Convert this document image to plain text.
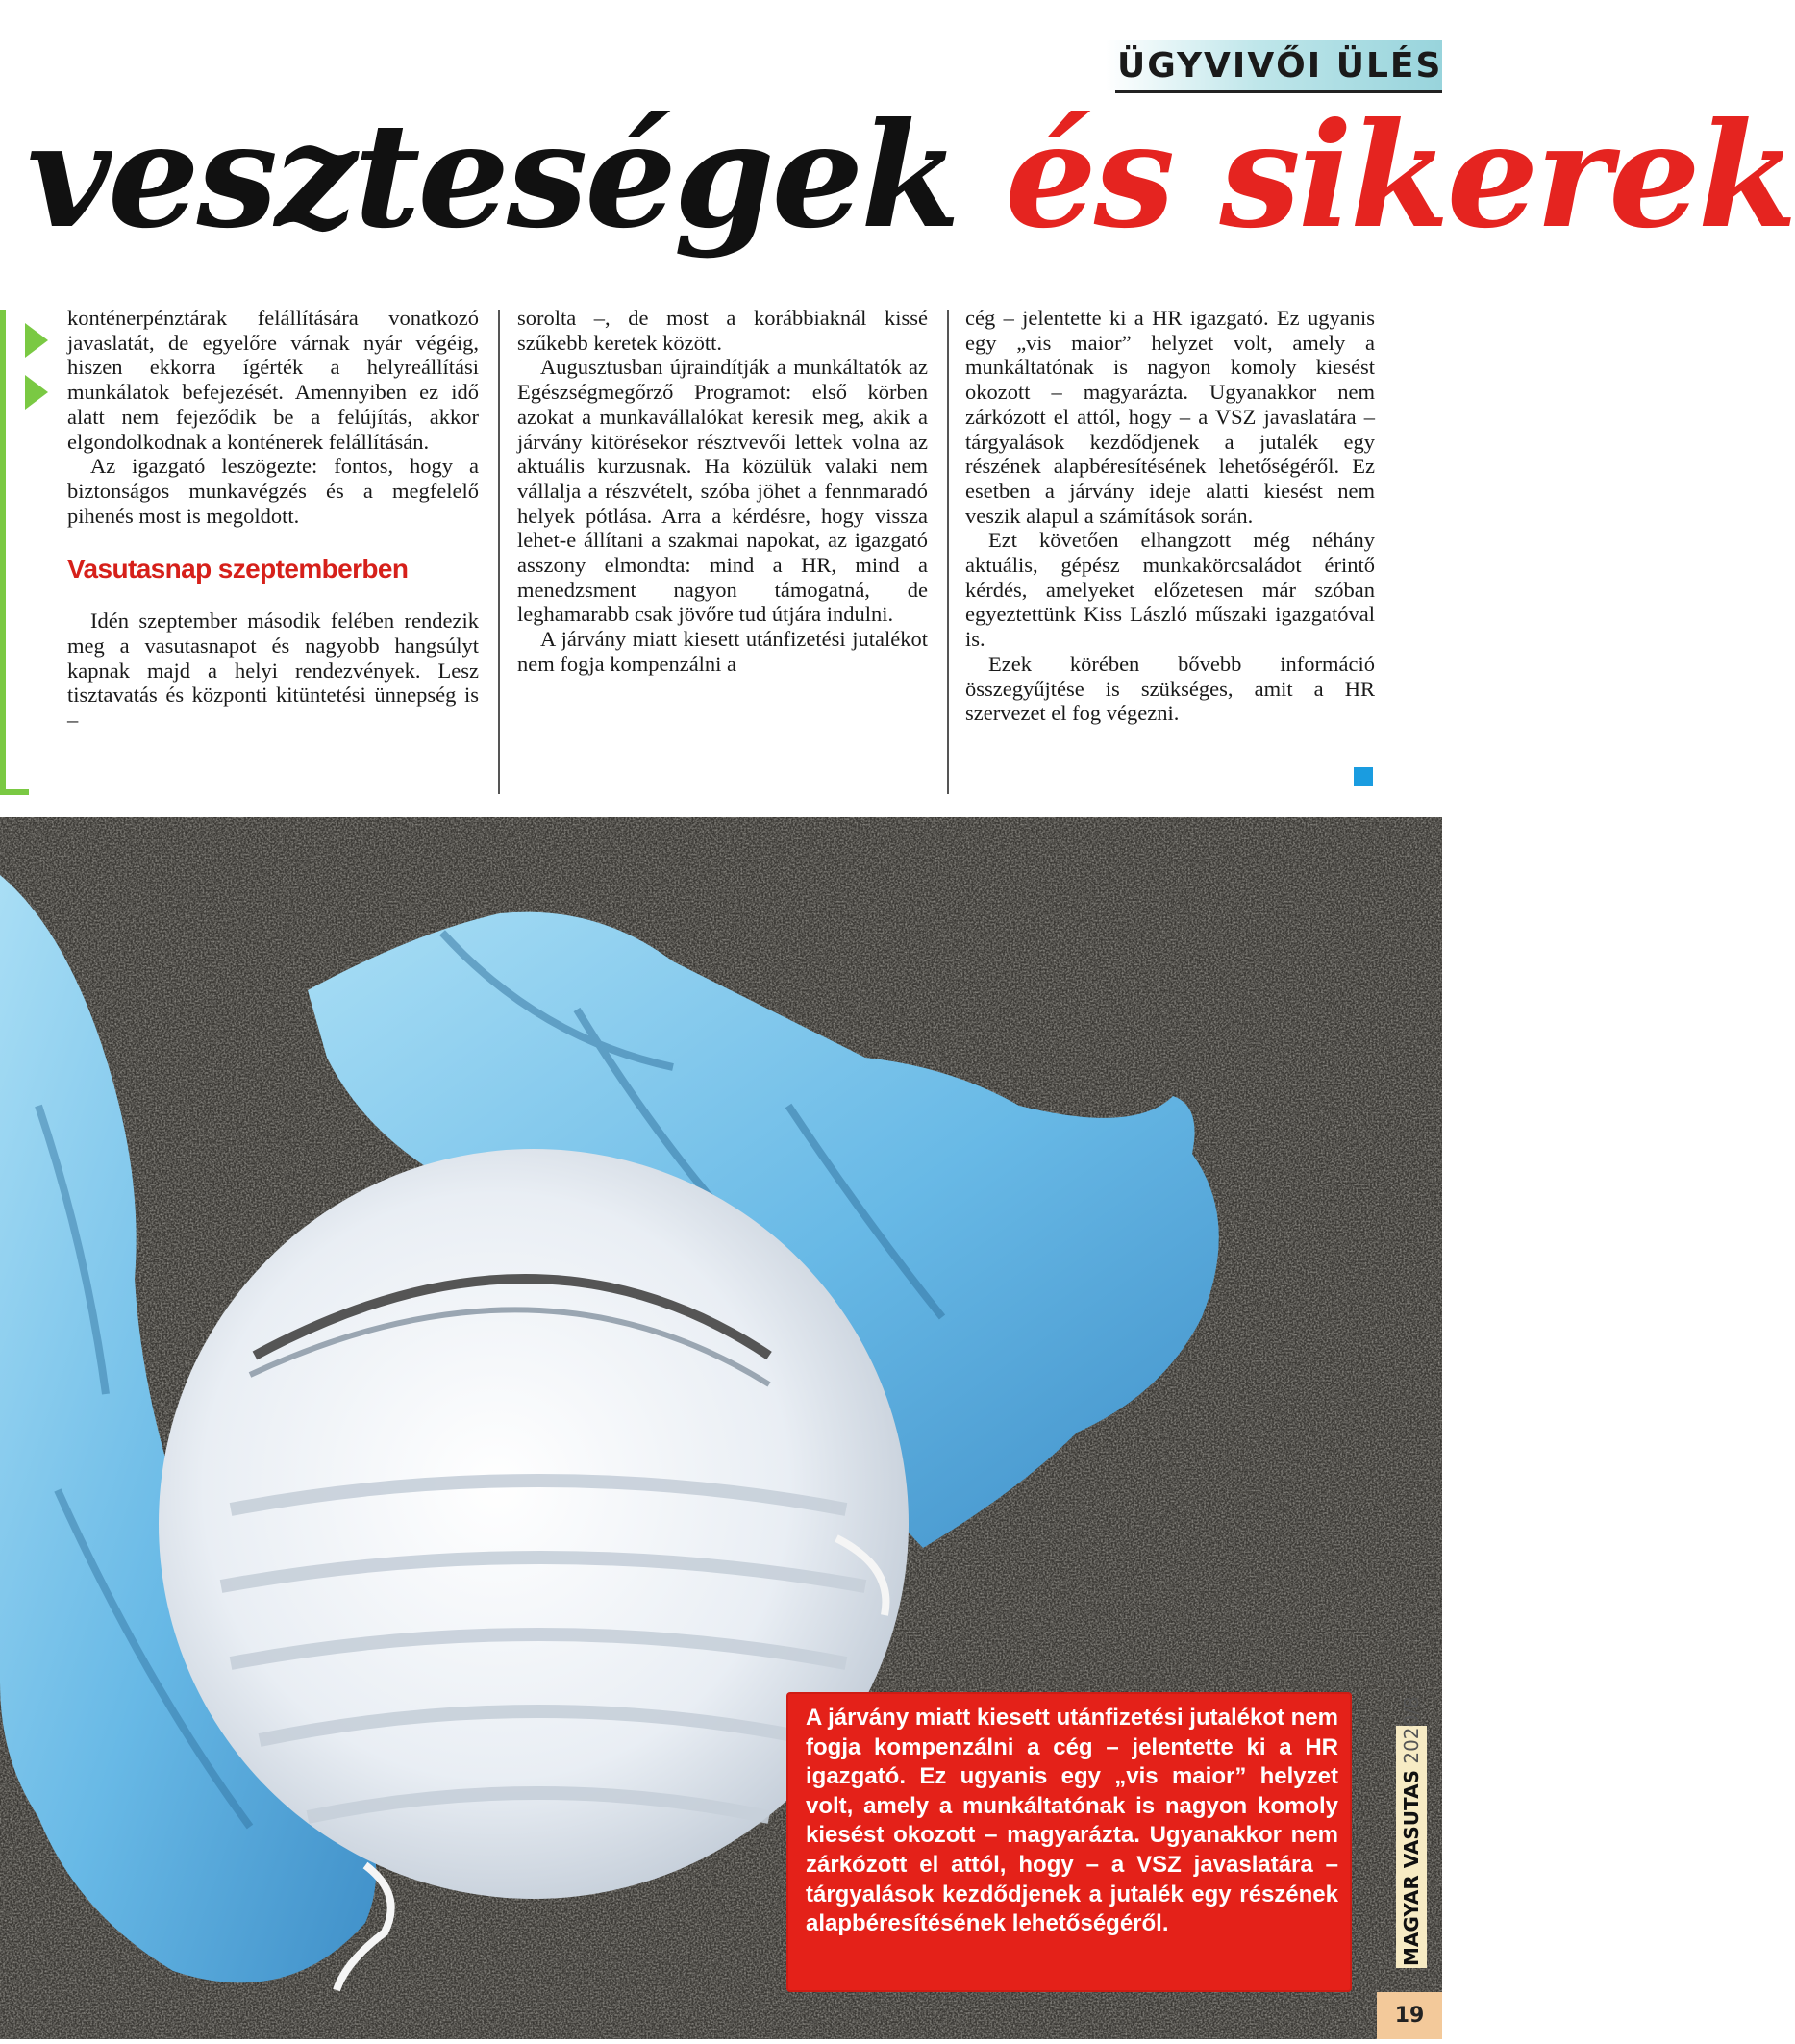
ÜGYVIVŐI ÜLÉS
veszteségek és sikerek

konténerpénztárak felállítására vonatkozó javaslatát, de egyelőre várnak nyár végéig, hiszen ekkorra ígérték a helyreállítási munkálatok befejezését. Amennyiben ez idő alatt nem fejeződik be a felújítás, akkor elgondolkodnak a konténerek felállításán.

Az igazgató leszögezte: fontos, hogy a biztonságos munkavégzés és a megfelelő pihenés most is megoldott.

Vasutasnap szeptemberben

Idén szeptember második felében rendezik meg a vasutasnapot és nagyobb hangsúlyt kapnak majd a helyi rendezvények. Lesz tisztavatás és központi kitüntetési ünnepség is –

sorolta –, de most a korábbiaknál kissé szűkebb keretek között.

Augusztusban újraindítják a munkáltatók az Egészségmegőrző Programot: első körben azokat a munkavállalókat keresik meg, akik a járvány kitörésekor résztvevői lettek volna az aktuális kurzusnak. Ha közülük valaki nem vállalja a részvételt, szóba jöhet a fennmaradó helyek pótlása. Arra a kérdésre, hogy vissza lehet-e állítani a szakmai napokat, az igazgató asszony elmondta: mind a HR, mind a menedzsment nagyon támogatná, de leghamarabb csak jövőre tud útjára indulni.

A járvány miatt kiesett utánfizetési jutalékot nem fogja kompenzálni a

cég – jelentette ki a HR igazgató. Ez ugyanis egy „vis maior” helyzet volt, amely a munkáltatónak is nagyon komoly kiesést okozott – magyarázta. Ugyanakkor nem zárkózott el attól, hogy – a VSZ javaslatára – tárgyalások kezdődjenek a jutalék egy részének alapbéresítésének lehetőségéről. Ez esetben a járvány ideje alatti kiesést nem veszik alapul a számítások során.

Ezt követően elhangzott még néhány aktuális, gépész munkakörcsaládot érintő kérdés, amelyeket előzetesen már szóban egyeztettünk Kiss László műszaki igazgatóval is.

Ezek körében bővebb információ összegyűjtése is szükséges, amit a HR szervezet el fog végezni.

A járvány miatt kiesett utánfizetési jutalékot nem fogja kompenzálni a cég – jelentette ki a HR igazgató. Ez ugyanis egy „vis maior” helyzet volt, amely a munkáltatónak is nagyon komoly kiesést okozott – magyarázta. Ugyanakkor nem zárkózott el attól, hogy – a VSZ javaslatára – tárgyalások kezdődjenek a jutalék egy részének alapbéresítésének lehetőségéről.	MAGYAR VASUTAS 2020/8
19
